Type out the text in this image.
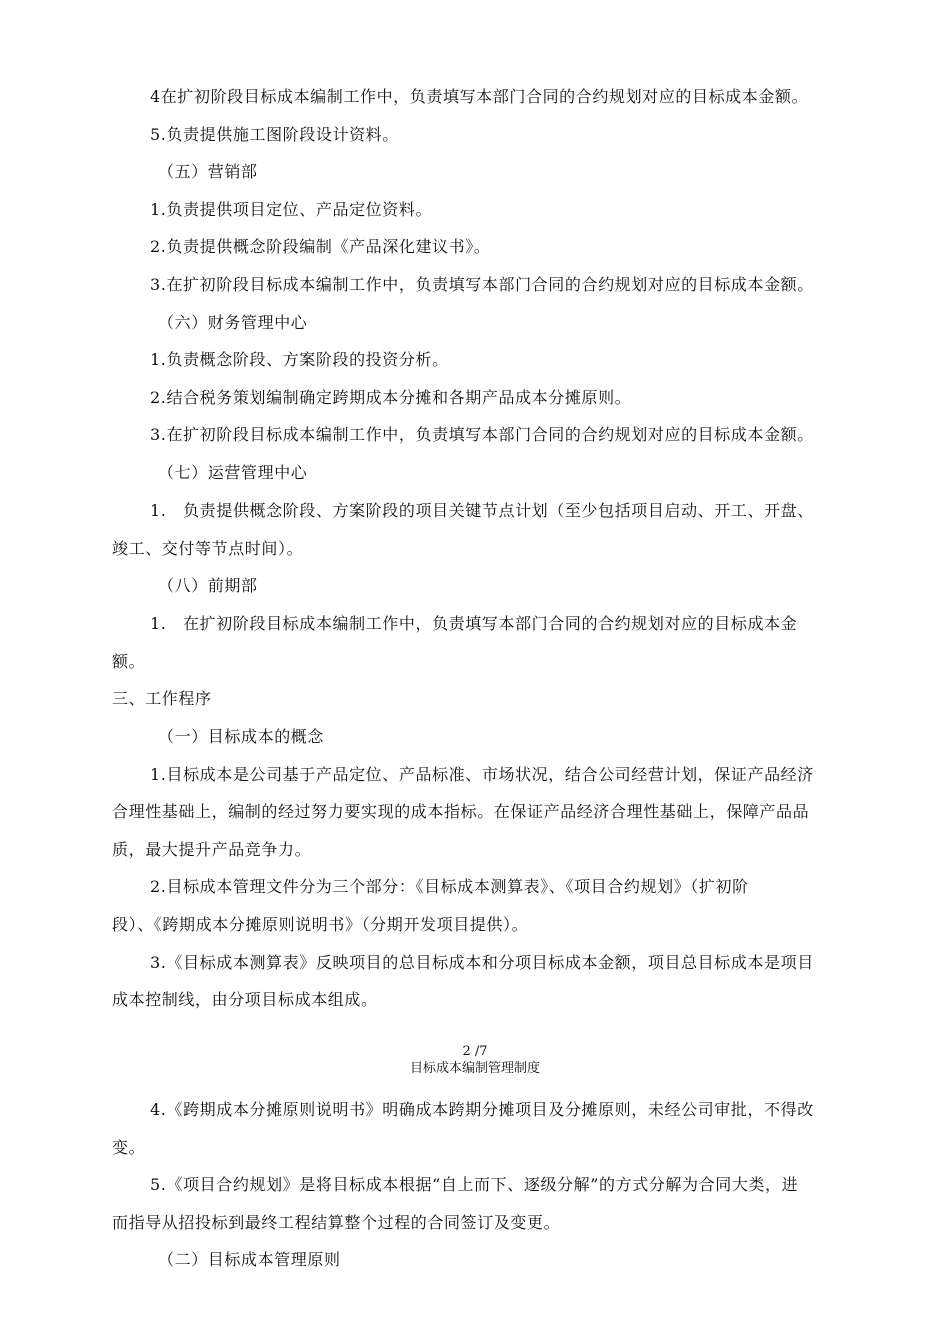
4在扩初阶段目标成本编制工作中，负责填写本部门合同的合约规划对应的目标成本金额。
5.负责提供施工图阶段设计资料。
（五）营销部
1.负责提供项目定位、产品定位资料。
2.负责提供概念阶段编制《产品深化建议书》。
3.在扩初阶段目标成本编制工作中，负责填写本部门合同的合约规划对应的目标成本金额。
（六）财务管理中心
1.负责概念阶段、方案阶段的投资分析。
2.结合税务策划编制确定跨期成本分摊和各期产品成本分摊原则。
3.在扩初阶段目标成本编制工作中，负责填写本部门合同的合约规划对应的目标成本金额。
（七）运营管理中心
1.　负责提供概念阶段、方案阶段的项目关键节点计划（至少包括项目启动、开工、开盘、
竣工、交付等节点时间）。
（八）前期部
1.　在扩初阶段目标成本编制工作中，负责填写本部门合同的合约规划对应的目标成本金
额。
三、工作程序
（一）目标成本的概念
1.目标成本是公司基于产品定位、产品标准、市场状况，结合公司经营计划，保证产品经济
合理性基础上，编制的经过努力要实现的成本指标。在保证产品经济合理性基础上，保障产品品
质，最大提升产品竞争力。
2.目标成本管理文件分为三个部分：《目标成本测算表》、《项目合约规划》（扩初阶
段）、《跨期成本分摊原则说明书》（分期开发项目提供）。
3.《目标成本测算表》反映项目的总目标成本和分项目标成本金额，项目总目标成本是项目
成本控制线，由分项目标成本组成。
2 /7
目标成本编制管理制度
4.《跨期成本分摊原则说明书》明确成本跨期分摊项目及分摊原则，未经公司审批，不得改
变。
5.《项目合约规划》是将目标成本根据“自上而下、逐级分解”的方式分解为合同大类，进
而指导从招投标到最终工程结算整个过程的合同签订及变更。
（二）目标成本管理原则
